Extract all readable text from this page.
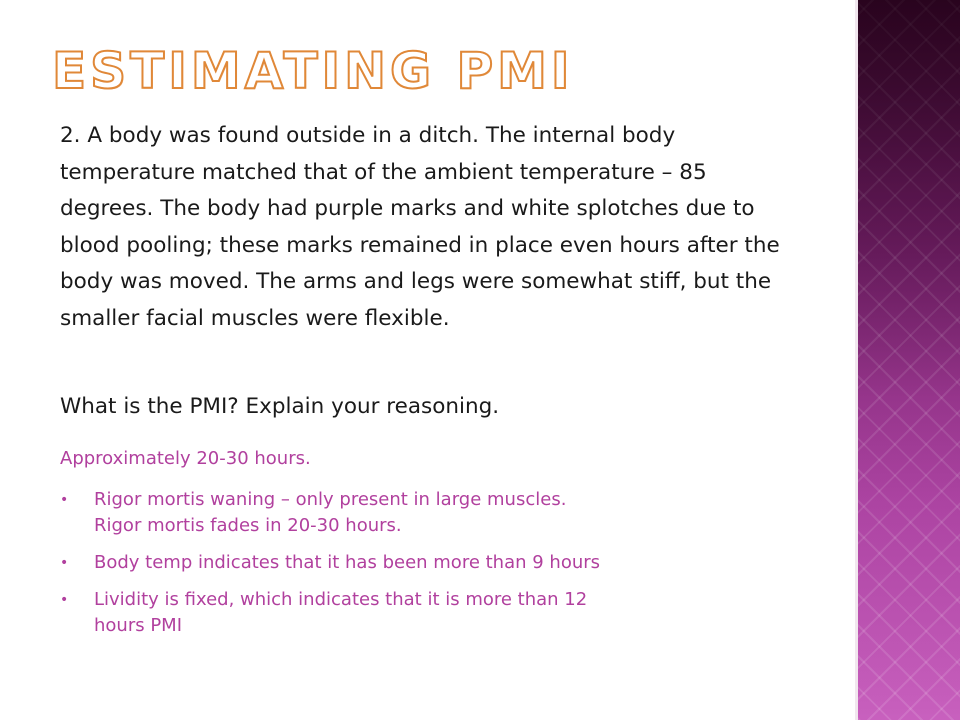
ESTIMATING PMI

2. A body was found outside in a ditch. The internal body temperature matched that of the ambient temperature – 85 degrees. The body had purple marks and white splotches due to blood pooling; these marks remained in place even hours after the body was moved. The arms and legs were somewhat stiff, but the smaller facial muscles were flexible.

What is the PMI? Explain your reasoning.

Approximately 20-30 hours.

• Rigor mortis waning – only present in large muscles.
Rigor mortis fades in 20-30 hours.
• Body temp indicates that it has been more than 9 hours
• Lividity is fixed, which indicates that it is more than 12
hours PMI
